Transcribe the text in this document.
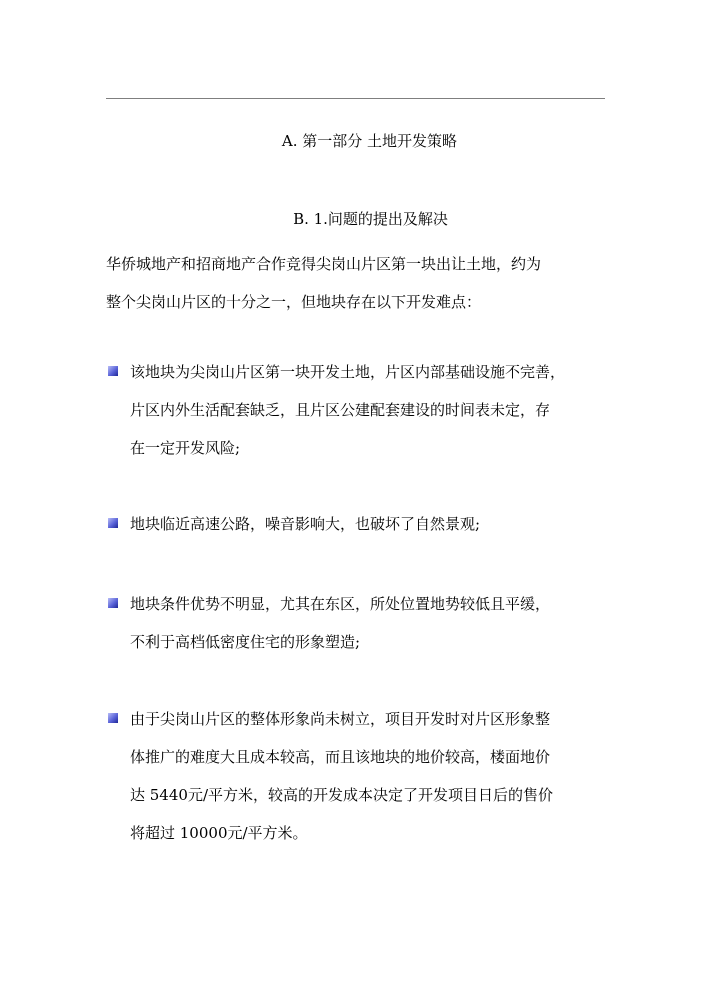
A. 第一部分 土地开发策略
B. 1.问题的提出及解决
华侨城地产和招商地产合作竞得尖岗山片区第一块出让土地，约为
整个尖岗山片区的十分之一，但地块存在以下开发难点：
该地块为尖岗山片区第一块开发土地，片区内部基础设施不完善，
片区内外生活配套缺乏，且片区公建配套建设的时间表未定，存
在一定开发风险;
地块临近高速公路，噪音影响大，也破坏了自然景观;
地块条件优势不明显，尤其在东区，所处位置地势较低且平缓，
不利于高档低密度住宅的形象塑造;
由于尖岗山片区的整体形象尚未树立，项目开发时对片区形象整
体推广的难度大且成本较高，而且该地块的地价较高，楼面地价
达 5440元/平方米，较高的开发成本决定了开发项目日后的售价
将超过 10000元/平方米。
